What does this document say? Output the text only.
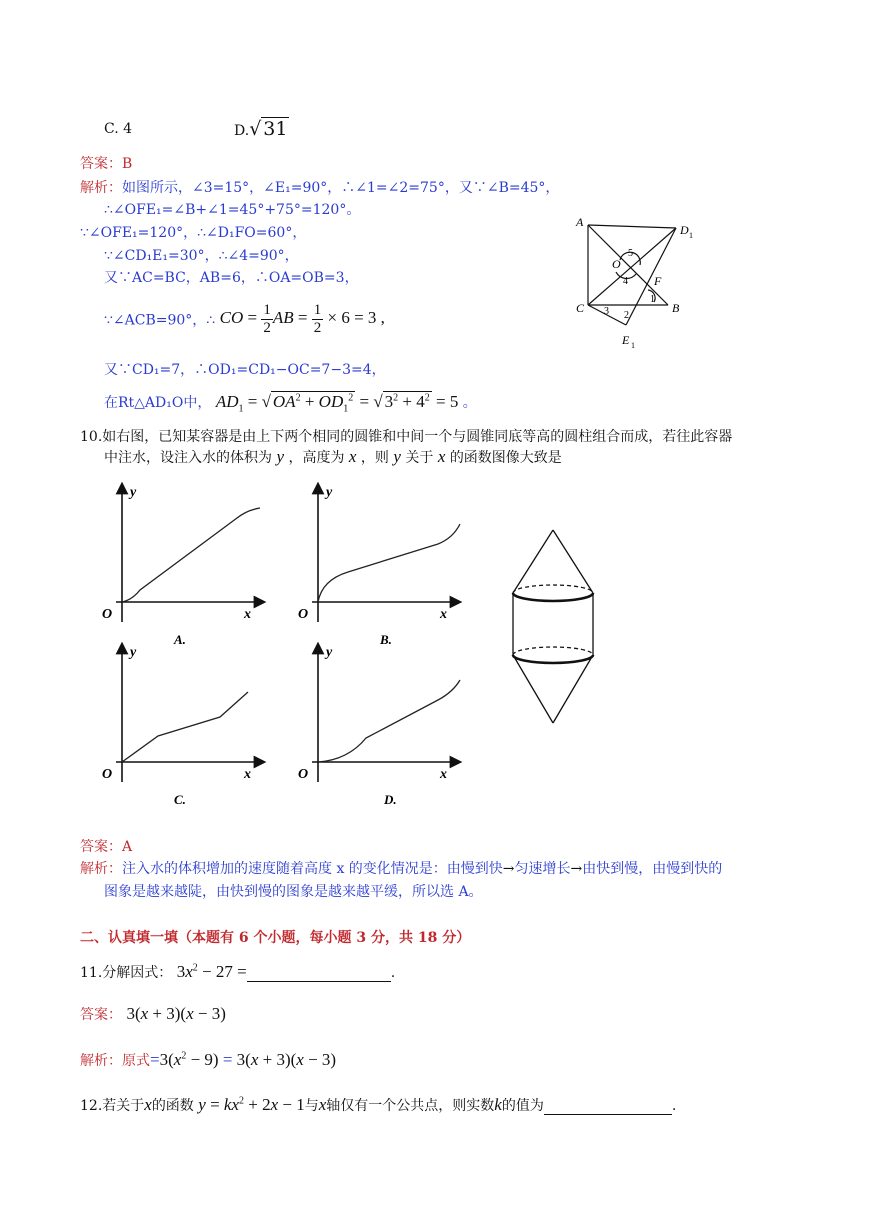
C. 4	D.√ 31
答案：B
解析：如图所示，∠3=15°，∠E₁=90°，∴∠1=∠2=75°，又∵∠B=45°，
∴∠OFE₁=∠B+∠1=45°+75°=120°。
∵∠OFE₁=120°，∴∠D₁FO=60°，
∵∠CD₁E₁=30°，∴∠4=90°，
又∵AC=BC，AB=6，∴OA=OB=3，
∵∠ACB=90°，∴ CO = $\frac{1}{2}$ AB = $\frac{1}{2} \times 6 = 3$ ,
又∵CD₁=7，∴OD₁=CD₁−OC=7−3=4，
在Rt△AD₁O中， $AD_1$ = √ $OA^2 + OD_1^2$ = √ $3^2 + 4^2 = 5$ 。
A
D 1
O
5
4 F
1
C 3 2
B
E 1
10.如右图，已知某容器是由上下两个相同的圆锥和中间一个与圆锥同底等高的圆柱组合而成，若往此容器
中注水，设注入水的体积为 y ，高度为 x ，则 y 关于 x 的函数图像大致是
y
O	x
A.
y
O	x
B.
y
O	x
C.
y
O	x
D.
答案：A
解析：注入水的体积增加的速度随着高度 x 的变化情况是：由慢到快→匀速增长→由快到慢，由慢到快的
图象是越来越陡，由快到慢的图象是越来越平缓，所以选 A。
二、认真填一填（本题有 6 个小题，每小题 3 分，共 18 分）
11.分解因式： $3x^2 - 27$ =	.
答案： 3(x + 3)(x − 3)
解析：原式$=3(x^2 - 9) = 3(x + 3)(x - 3)$
12.若关于x的函数 $y = kx^2 + 2x - 1$与x轴仅有一个公共点，则实数k的值为	.
